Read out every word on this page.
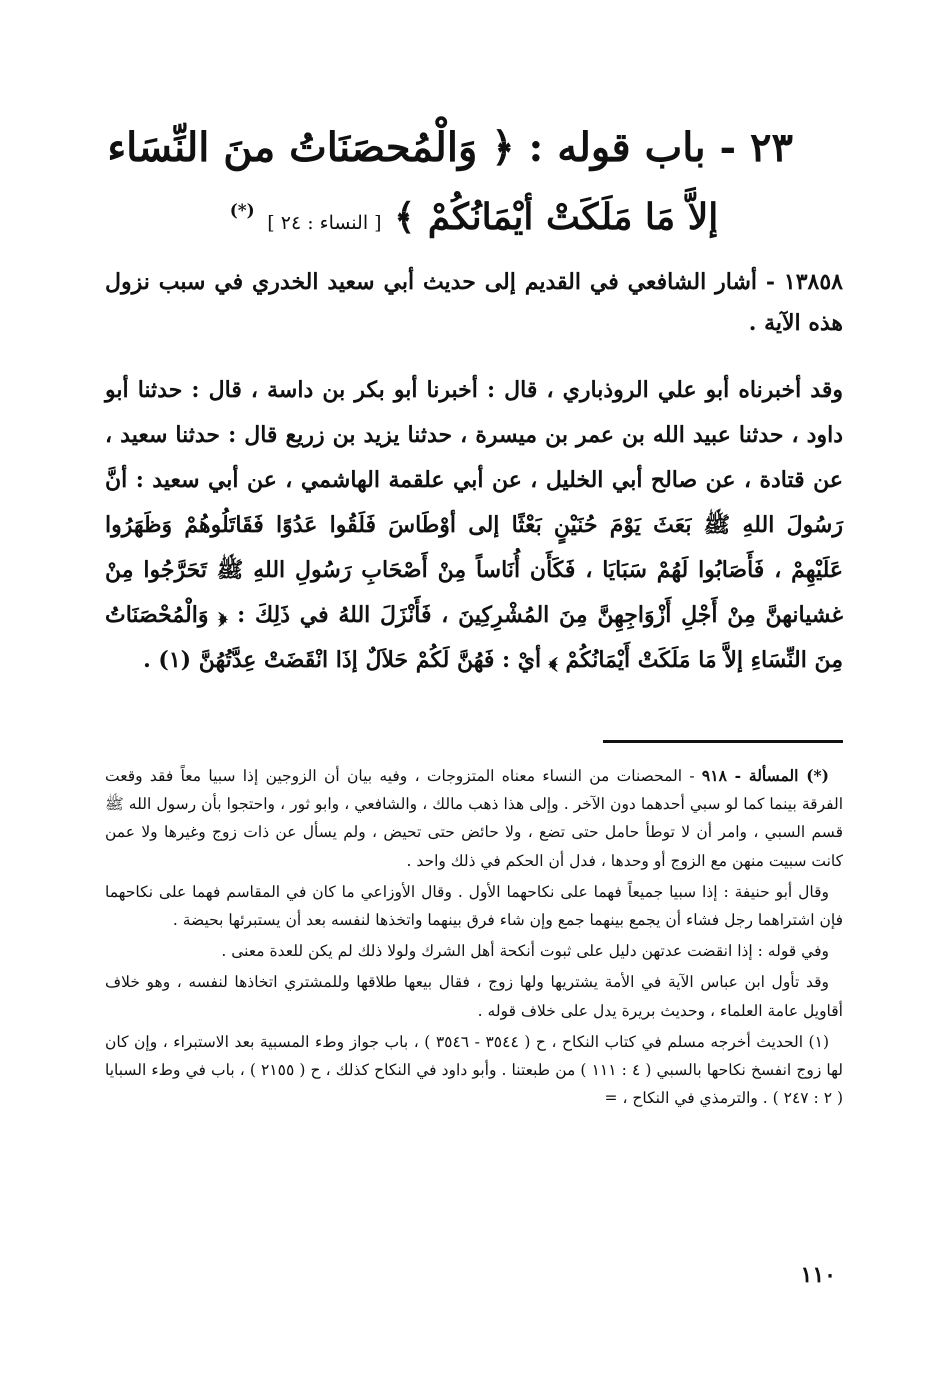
٢٣ - باب قوله : ﴿ وَالْمُحصَنَاتُ منَ النِّسَاء
إلاَّ مَا مَلَكَتْ أيْمَانُكُمْ ﴾ [ النساء : ٢٤ ] (*)

١٣٨٥٨ - أشار الشافعي في القديم إلى حديث أبي سعيد الخدري في سبب نزول هذه الآية .

وقد أخبرناه أبو علي الروذباري ، قال : أخبرنا أبو بكر بن داسة ، قال : حدثنا أبو داود ، حدثنا عبيد الله بن عمر بن ميسرة ، حدثنا يزيد بن زريع قال : حدثنا سعيد ، عن قتادة ، عن صالح أبي الخليل ، عن أبي علقمة الهاشمي ، عن أبي سعيد : أنَّ رَسُولَ اللهِ ﷺ بَعَثَ يَوْمَ حُنَيْنٍ بَعْثًا إلى أوْطَاسَ فَلَقُوا عَدُوًا فَقَاتَلُوهُمْ وَظَهَرُوا عَلَيْهِمْ ، فَأَصَابُوا لَهُمْ سَبَايَا ، فَكَأَن أُنَاساً مِنْ أَصْحَابِ رَسُولِ اللهِ ﷺ تَحَرَّجُوا مِنْ غشيانهنَّ مِنْ أَجْلِ أَزْوَاجِهِنَّ مِنَ المُشْرِكِينَ ، فَأَنْزَلَ اللهُ في ذَلِكَ : ﴿ وَالْمُحْصَنَاتُ مِنَ النِّسَاءِ إلاَّ مَا مَلَكَتْ أَيْمَانُكُمْ ﴾ أيْ : فَهُنَّ لَكُمْ حَلاَلٌ إذَا انْقَضَتْ عِدَّتُهُنَّ (١) .

(*) المسألة - ٩١٨ - المحصنات من النساء معناه المتزوجات ، وفيه بيان أن الزوجين إذا سبيا معاً فقد وقعت الفرقة بينما كما لو سبي أحدهما دون الآخر . وإلى هذا ذهب مالك ، والشافعي ، وابو ثور ، واحتجوا بأن رسول الله ﷺ قسم السبي ، وامر أن لا توطأ حامل حتى تضع ، ولا حائض حتى تحيض ، ولم يسأل عن ذات زوج وغيرها ولا عمن كانت سبيت منهن مع الزوج أو وحدها ، فدل أن الحكم في ذلك واحد .

وقال أبو حنيفة : إذا سبيا جميعاً فهما على نكاحهما الأول . وقال الأوزاعي ما كان في المقاسم فهما على نكاحهما فإن اشتراهما رجل فشاء أن يجمع بينهما جمع وإن شاء فرق بينهما واتخذها لنفسه بعد أن يستبرئها بحيضة .

وفي قوله : إذا انقضت عدتهن دليل على ثبوت أنكحة أهل الشرك ولولا ذلك لم يكن للعدة معنى .

وقد تأول ابن عباس الآية في الأمة يشتريها ولها زوج ، فقال بيعها طلاقها وللمشتري اتخاذها لنفسه ، وهو خلاف أقاويل عامة العلماء ، وحديث بريرة يدل على خلاف قوله .

(١) الحديث أخرجه مسلم في كتاب النكاح ، ح ( ٣٥٤٤ - ٣٥٤٦ ) ، باب جواز وطء المسبية بعد الاستبراء ، وإن كان لها زوج انفسخ نكاحها بالسبي ( ٤ : ١١١ ) من طبعتنا . وأبو داود في النكاح كذلك ، ح ( ٢١٥٥ ) ، باب في وطء السبايا ( ٢ : ٢٤٧ ) . والترمذي في النكاح ، =

١١٠
